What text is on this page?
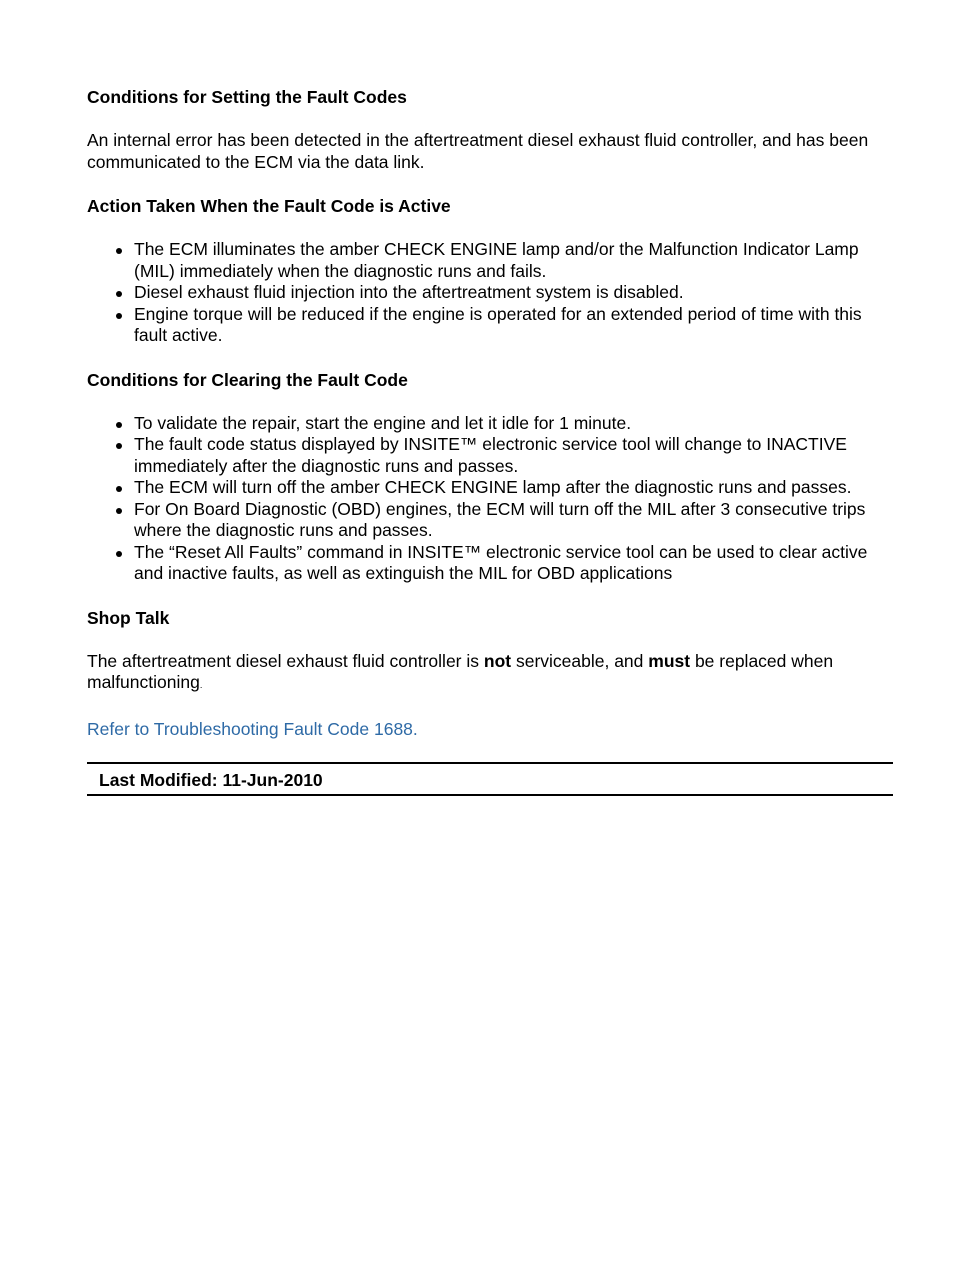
Conditions for Setting the Fault Codes

An internal error has been detected in the aftertreatment diesel exhaust fluid controller, and has been communicated to the ECM via the data link.

Action Taken When the Fault Code is Active

The ECM illuminates the amber CHECK ENGINE lamp and/or the Malfunction Indicator Lamp (MIL) immediately when the diagnostic runs and fails.
Diesel exhaust fluid injection into the aftertreatment system is disabled.
Engine torque will be reduced if the engine is operated for an extended period of time with this fault active.

Conditions for Clearing the Fault Code

To validate the repair, start the engine and let it idle for 1 minute.
The fault code status displayed by INSITE™ electronic service tool will change to INACTIVE immediately after the diagnostic runs and passes.
The ECM will turn off the amber CHECK ENGINE lamp after the diagnostic runs and passes.
For On Board Diagnostic (OBD) engines, the ECM will turn off the MIL after 3 consecutive trips where the diagnostic runs and passes.
The “Reset All Faults” command in INSITE™ electronic service tool can be used to clear active and inactive faults, as well as extinguish the MIL for OBD applications

Shop Talk

The aftertreatment diesel exhaust fluid controller is not serviceable, and must be replaced when malfunctioning.

Refer to Troubleshooting Fault Code 1688.
Last Modified: 11-Jun-2010
